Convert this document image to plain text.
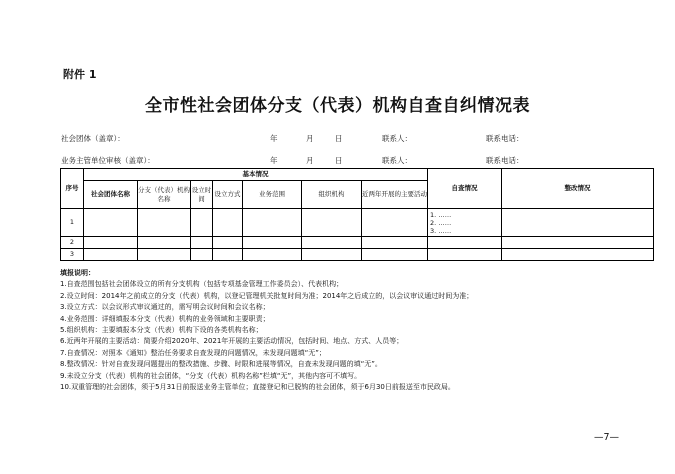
附件 1
全市性社会团体分支（代表）机构自查自纠情况表
社会团体（盖章）：	年	月	日	联系人：	联系电话：
业务主管单位审核（盖章）：	年	月	日	联系人：	联系电话：
序号	基本情况							自查情况	整改情况
	社会团体名称	分支（代表）机构名称	设立时间	设立方式	业务范围	组织机构	近两年开展的主要活动		
1								1. ……
2. ……
3. ……	

2									
3									
填报说明：
1.自查范围包括社会团体设立的所有分支机构（包括专项基金管理工作委员会）、代表机构；
2.设立时间：2014年之前成立的分支（代表）机构，以登记管理机关批复时间为准；2014年之后成立的，以会议审议通过时间为准；
3.设立方式：以会议形式审议通过的，需写明会议时间和会议名称；
4.业务范围：详细填报本分支（代表）机构的业务领域和主要职责；
5.组织机构：主要填报本分支（代表）机构下设的各类机构名称；
6.近两年开展的主要活动：简要介绍2020年、2021年开展的主要活动情况，包括时间、地点、方式、人员等；
7.自查情况：对照本《通知》整治任务要求自查发现的问题情况，未发现问题填“无”；
8.整改情况：针对自查发现问题提出的整改措施、步骤、时限和进展等情况，自查未发现问题的填“无”。
9.未设立分支（代表）机构的社会团体，“分支（代表）机构名称”栏填“无”，其他内容可不填写。
10.双重管理的社会团体，须于5月31日前报送业务主管单位；直接登记和已脱钩的社会团体，须于6月30日前报送至市民政局。
—7—
